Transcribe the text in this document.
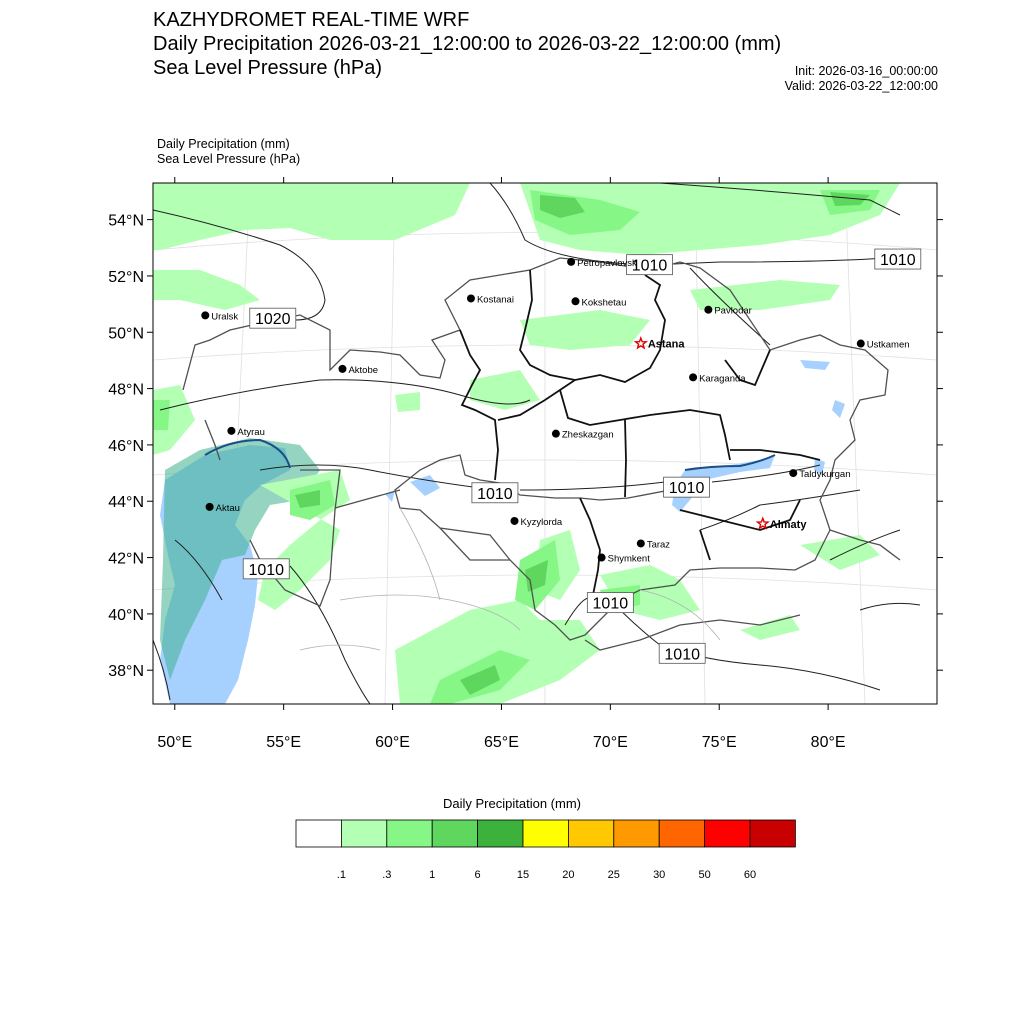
KAZHYDROMET REAL-TIME WRF
Daily Precipitation 2026-03-21_12:00:00 to 2026-03-22_12:00:00 (mm)
Sea Level Pressure (hPa)	Init: 2026-03-16_00:00:00
Valid: 2026-03-22_12:00:00
Daily Precipitation (mm)
Sea Level Pressure (hPa)
38°N
40°N
42°N
44°N
46°N
48°N
50°N
52°N
54°N
50°E	55°E	60°E	65°E	70°E	75°E	80°E
1020
1010	1010
1010	1010
1010
1010
1010
Petropavlovsk
Kostanai	Kokshetau
Uralsk
Pavlodar
Astana	Ustkamen
Aktobe
Karaganda
Atyrau	Zheskazgan
Aktau
Kyzylorda
Taldykurgan
Almaty
Taraz
Shymkent
Daily Precipitation (mm)
.1	.3	1	6	15	20	25	30	50	60
